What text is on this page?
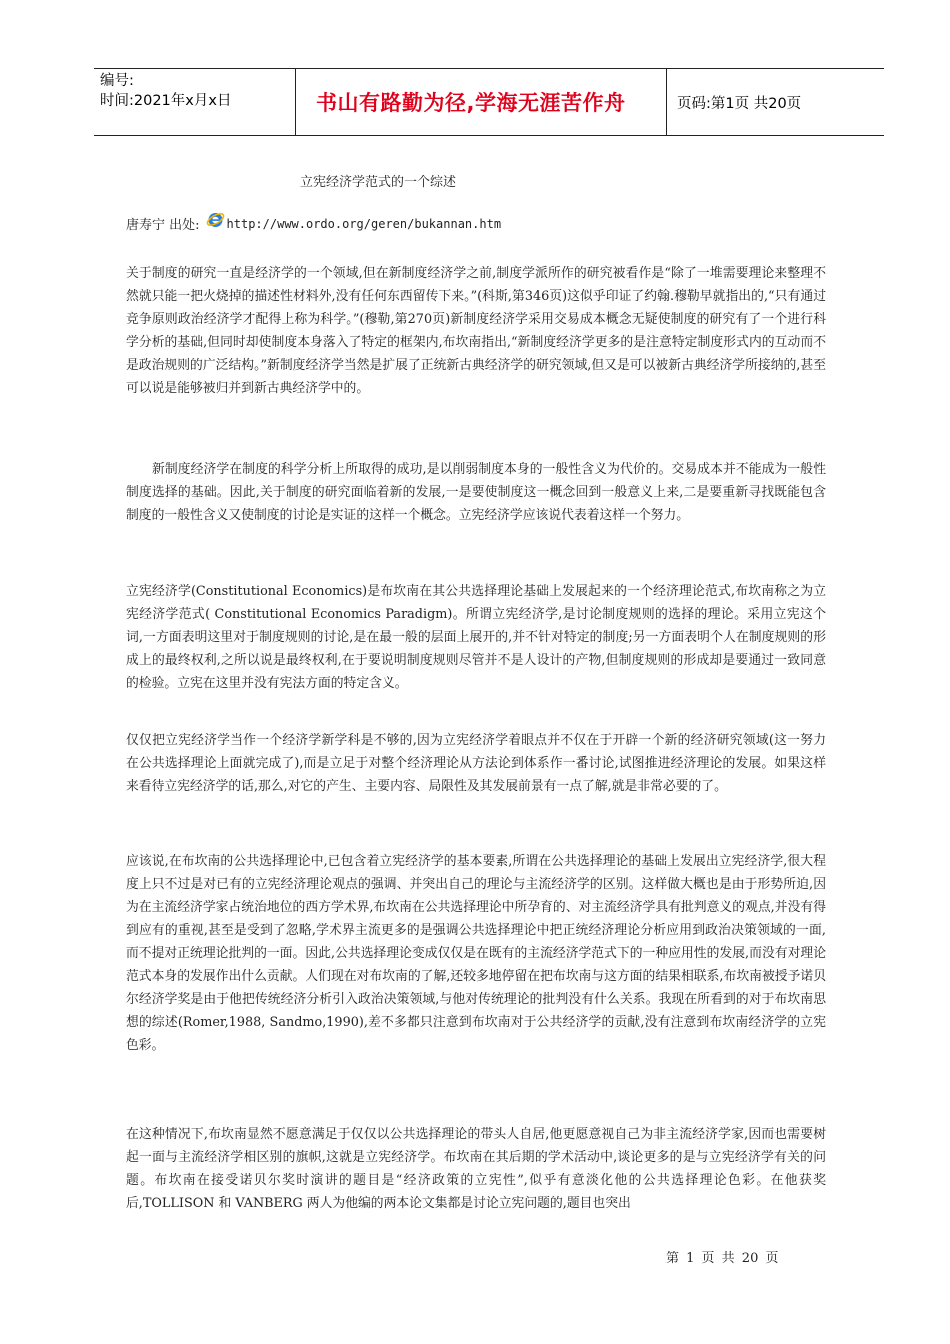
编号:
时间:2021年x月x日	书山有路勤为径,学海无涯苦作舟	页码:第1页 共20页
立宪经济学范式的一个综述
唐寿宁 出处: http://www.ordo.org/geren/bukannan.htm

关于制度的研究一直是经济学的一个领域,但在新制度经济学之前,制度学派所作的研究被看作是“除了一堆需要理论来整理不然就只能一把火烧掉的描述性材料外,没有任何东西留传下来。”(科斯,第346页)这似乎印证了约翰.穆勒早就指出的,“只有通过竞争原则政治经济学才配得上称为科学。”(穆勒,第270页)新制度经济学采用交易成本概念无疑使制度的研究有了一个进行科学分析的基础,但同时却使制度本身落入了特定的框架内,布坎南指出,“新制度经济学更多的是注意特定制度形式内的互动而不是政治规则的广泛结构。”新制度经济学当然是扩展了正统新古典经济学的研究领域,但又是可以被新古典经济学所接纳的,甚至可以说是能够被归并到新古典经济学中的。

新制度经济学在制度的科学分析上所取得的成功,是以削弱制度本身的一般性含义为代价的。交易成本并不能成为一般性制度选择的基础。因此,关于制度的研究面临着新的发展,一是要使制度这一概念回到一般意义上来,二是要重新寻找既能包含制度的一般性含义又使制度的讨论是实证的这样一个概念。立宪经济学应该说代表着这样一个努力。

立宪经济学(Constitutional Economics)是布坎南在其公共选择理论基础上发展起来的一个经济理论范式,布坎南称之为立宪经济学范式( Constitutional Economics Paradigm)。所谓立宪经济学,是讨论制度规则的选择的理论。采用立宪这个词,一方面表明这里对于制度规则的讨论,是在最一般的层面上展开的,并不针对特定的制度;另一方面表明个人在制度规则的形成上的最终权利,之所以说是最终权利,在于要说明制度规则尽管并不是人设计的产物,但制度规则的形成却是要通过一致同意的检验。立宪在这里并没有宪法方面的特定含义。

仅仅把立宪经济学当作一个经济学新学科是不够的,因为立宪经济学着眼点并不仅在于开辟一个新的经济研究领域(这一努力在公共选择理论上面就完成了),而是立足于对整个经济理论从方法论到体系作一番讨论,试图推进经济理论的发展。如果这样来看待立宪经济学的话,那么,对它的产生、主要内容、局限性及其发展前景有一点了解,就是非常必要的了。

应该说,在布坎南的公共选择理论中,已包含着立宪经济学的基本要素,所谓在公共选择理论的基础上发展出立宪经济学,很大程度上只不过是对已有的立宪经济理论观点的强调、并突出自己的理论与主流经济学的区别。这样做大概也是由于形势所迫,因为在主流经济学家占统治地位的西方学术界,布坎南在公共选择理论中所孕育的、对主流经济学具有批判意义的观点,并没有得到应有的重视,甚至是受到了忽略,学术界主流更多的是强调公共选择理论中把正统经济理论分析应用到政治决策领域的一面,而不提对正统理论批判的一面。因此,公共选择理论变成仅仅是在既有的主流经济学范式下的一种应用性的发展,而没有对理论范式本身的发展作出什么贡献。人们现在对布坎南的了解,还较多地停留在把布坎南与这方面的结果相联系,布坎南被授予诺贝尔经济学奖是由于他把传统经济分析引入政治决策领域,与他对传统理论的批判没有什么关系。我现在所看到的对于布坎南思想的综述(Romer,1988, Sandmo,1990),差不多都只注意到布坎南对于公共经济学的贡献,没有注意到布坎南经济学的立宪色彩。

在这种情况下,布坎南显然不愿意满足于仅仅以公共选择理论的带头人自居,他更愿意视自己为非主流经济学家,因而也需要树起一面与主流经济学相区别的旗帜,这就是立宪经济学。布坎南在其后期的学术活动中,谈论更多的是与立宪经济学有关的问题。布坎南在接受诺贝尔奖时演讲的题目是“经济政策的立宪性”,似乎有意淡化他的公共选择理论色彩。在他获奖后,TOLLISON 和 VANBERG 两人为他编的两本论文集都是讨论立宪问题的,题目也突出

第 1 页 共 20 页
